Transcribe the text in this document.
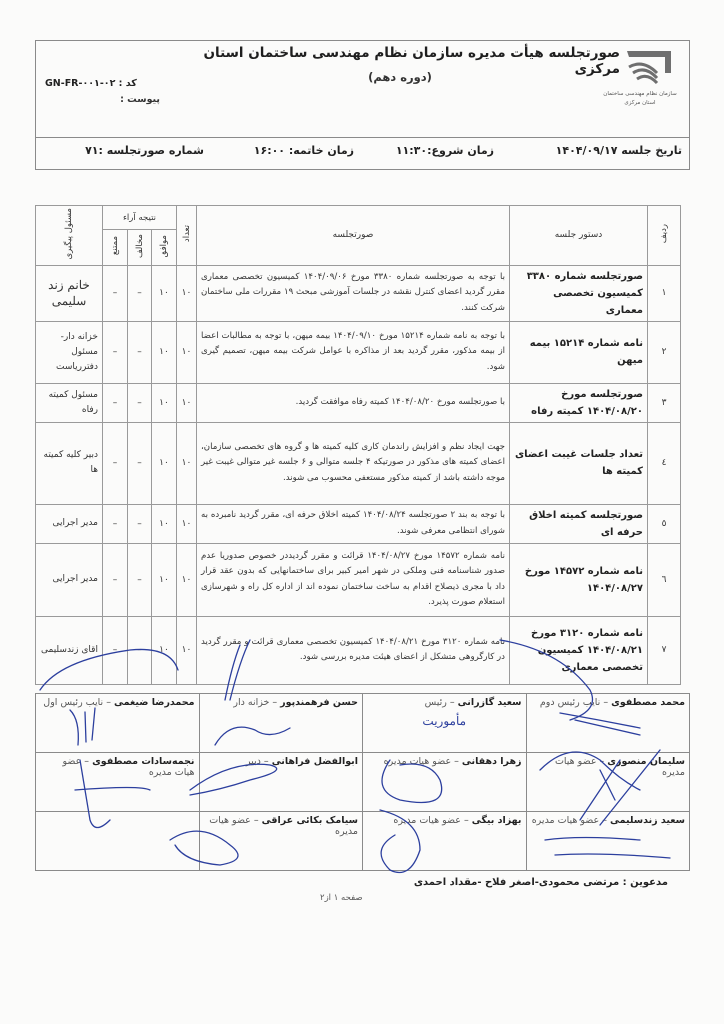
سازمان نظام مهندسی ساختمان
استان مرکزی
صورتجلسه هیأت مدیره سازمان نظام مهندسی ساختمان استان مرکزی
(دوره دهم)
GN-FR-۰۰۱-۰۲ : کد
پیوست :
تاریخ جلسه ۱۴۰۴/۰۹/۱۷
زمان شروع:۱۱:۳۰
زمان خاتمه: ۱۶:۰۰
شماره صورتجلسه :۷۱
ردیف	دستور جلسه	صورتجلسه	تعداد	نتیجه آراء			مسئول پیگیری
				موافق	مخالف	ممتنع	
۱	صورتجلسه شماره ۳۳۸۰ کمیسیون تخصصی معماری	با توجه به صورتجلسه شماره ۳۳۸۰ مورخ ۱۴۰۴/۰۹/۰۶ کمیسیون تخصصی معماری مقرر گردید اعضای کنترل نقشه در جلسات آموزشی مبحث ۱۹ مقررات ملی ساختمان شرکت کنند.	۱۰	۱۰	–	–	خانم زند سلیمی
۲	نامه شماره ۱۵۲۱۴ بیمه میهن	با توجه به نامه شماره ۱۵۲۱۴ مورخ ۱۴۰۴/۰۹/۱۰ بیمه میهن، با توجه به مطالبات اعضا از بیمه مذکور، مقرر گردید بعد از مذاکره با عوامل شرکت بیمه میهن، تصمیم گیری شود.	۱۰	۱۰	–	–	خزانه دار- مسئول دفترریاست
۳	صورتجلسه مورخ ۱۴۰۴/۰۸/۲۰ کمیته رفاه	با صورتجلسه مورخ ۱۴۰۴/۰۸/۲۰ کمیته رفاه موافقت گردید.	۱۰	۱۰	–	–	مسئول کمیته رفاه
٤	تعداد جلسات غیبت اعضای کمیته ها	جهت ایجاد نظم و افزایش راندمان کاری کلیه کمیته ها و گروه های تخصصی سازمان، اعضای کمیته های مذکور در صورتیکه ۴ جلسه متوالی و ۶ جلسه غیر متوالی غیبت غیر موجه داشته باشد از کمیته مذکور مستعفی محسوب می شوند.	۱۰	۱۰	–	–	دبیر کلیه کمیته ها
٥	صورتجلسه کمیته اخلاق حرفه ای	با توجه به بند ۲ صورتجلسه ۱۴۰۴/۰۸/۲۴ کمیته اخلاق حرفه ای، مقرر گردید نامبرده به شورای انتظامی معرفی شوند.	۱۰	۱۰	–	–	مدیر اجرایی
٦	نامه شماره ۱۴۵۷۲ مورخ ۱۴۰۴/۰۸/۲۷	نامه شماره ۱۴۵۷۲ مورخ ۱۴۰۴/۰۸/۲۷ قرائت و مقرر گردیددر خصوص صدوریا عدم صدور شناسنامه فنی وملکی در شهر امیر کبیر برای ساختمانهایی که بدون عقد قرار داد با مجری ذیصلاح اقدام به ساخت ساختمان نموده اند از اداره کل راه و شهرسازی استعلام صورت پذیرد.	۱۰	۱۰	–	–	مدیر اجرایی
۷	نامه شماره ۳۱۲۰ مورخ ۱۴۰۴/۰۸/۲۱ کمیسیون تخصصی معماری	نامه شماره ۳۱۲۰ مورخ ۱۴۰۴/۰۸/۲۱ کمیسیون تخصصی معماری قرائت و مقرر گردید در کارگروهی متشکل از اعضای هیئت مدیره بررسی شود.	۱۰	۱۰	–	–	اقای زندسلیمی
محمد مصطفوی – نایب رئیس دوم	سعید گازرانی – رئیس
مأموریت	حسن فرهمندپور – خزانه دار	محمدرضا ضیغمی – نایب رئیس اول
سلیمان منصوری – عضو هیات مدیره	زهرا دهقانی – عضو هیات مدیره	ابوالفضل فراهانی – دبیر	نجمه‌سادات مصطفوی – عضو هیات مدیره
سعید زندسلیمی – عضو هیات مدیره	بهزاد بیگی – عضو هیات مدیره	سیامک بکائی عراقی – عضو هیات مدیره	
مدعوین : مرتضی محمودی-اصغر فلاح -مقداد احمدی
صفحه ۱ از۲
